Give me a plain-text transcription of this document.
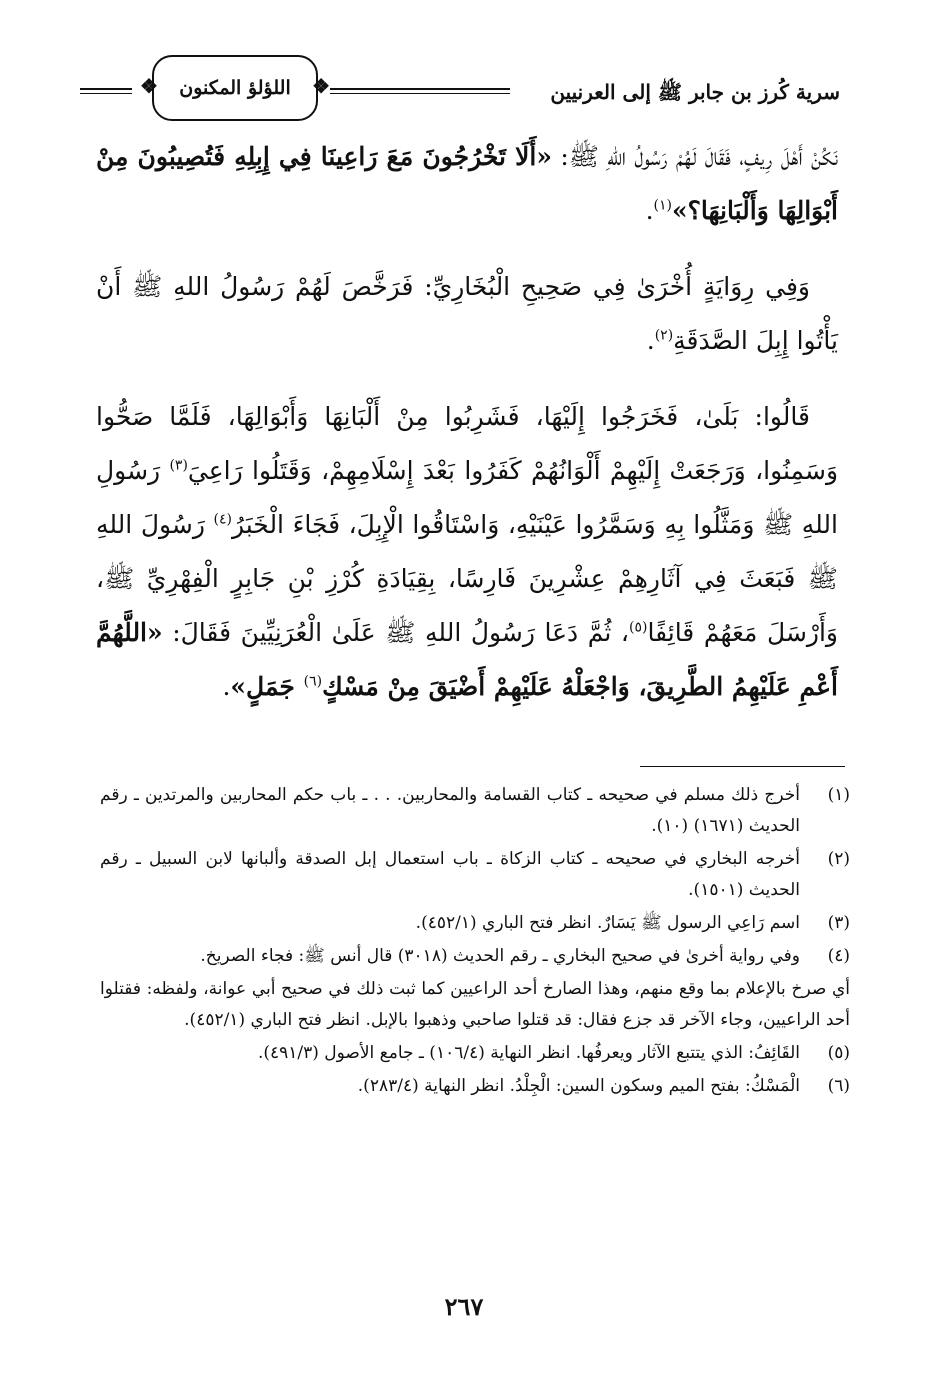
سرية كُرز بن جابر ﷺ إلى العرنيين
❖ اللؤلؤ المكنون
❖

نَكُنْ أَهْلَ رِيفٍ، فَقَالَ لَهُمْ رَسُولُ اللهِ ﷺ: «أَلَا تَخْرُجُونَ مَعَ رَاعِينَا فِي إِبِلِهِ فَتُصِيبُونَ مِنْ أَبْوَالِهَا وَأَلْبَانِهَا؟»$^{(١)}$.

وَفِي رِوَايَةٍ أُخْرَىٰ فِي صَحِيحِ الْبُخَارِيِّ: فَرَخَّصَ لَهُمْ رَسُولُ اللهِ ﷺ أَنْ يَأْتُوا إِبِلَ الصَّدَقَةِ$^{(٢)}$.

قَالُوا: بَلَىٰ، فَخَرَجُوا إِلَيْهَا، فَشَرِبُوا مِنْ أَلْبَانِهَا وَأَبْوَالِهَا، فَلَمَّا صَحُّوا وَسَمِنُوا، وَرَجَعَتْ إِلَيْهِمْ أَلْوَانُهُمْ كَفَرُوا بَعْدَ إِسْلَامِهِمْ، وَقَتَلُوا رَاعِيَ$^{(٣)}$ رَسُولِ اللهِ ﷺ وَمَثَّلُوا بِهِ وَسَمَّرُوا عَيْنَيْهِ، وَاسْتَاقُوا الْإِبِلَ، فَجَاءَ الْخَبَرُ$^{(٤)}$ رَسُولَ اللهِ ﷺ فَبَعَثَ فِي آثَارِهِمْ عِشْرِينَ فَارِسًا، بِقِيَادَةِ كُرْزِ بْنِ جَابِرٍ الْفِهْرِيِّ ﷺ، وَأَرْسَلَ مَعَهُمْ قَائِفًا$^{(٥)}$، ثُمَّ دَعَا رَسُولُ اللهِ ﷺ عَلَىٰ الْعُرَنِيِّينَ فَقَالَ: «اللَّهُمَّ أَعْمِ عَلَيْهِمُ الطَّرِيقَ، وَاجْعَلْهُ عَلَيْهِمْ أَضْيَقَ مِنْ مَسْكٍ$^{(٦)}$ جَمَلٍ».

(١)
أخرج ذلك مسلم في صحيحه ـ كتاب القسامة والمحاربين. . . ـ باب حكم المحاربين والمرتدين ـ رقم الحديث (١٦٧١) (١٠).
(٢)
أخرجه البخاري في صحيحه ـ كتاب الزكاة ـ باب استعمال إبل الصدقة وألبانها لابن السبيل ـ رقم الحديث (١٥٠١).
(٣)
اسم رَاعِي الرسول ﷺ يَسَارٌ. انظر فتح الباري (٤٥٢/١).
(٤)
وفي رواية أخرىٰ في صحيح البخاري ـ رقم الحديث (٣٠١٨) قال أنس ﷺ: فجاء الصريخ.
أي صرخ بالإعلام بما وقع منهم، وهذا الصارخ أحد الراعيين كما ثبت ذلك في صحيح أبي عوانة، ولفظه: فقتلوا أحد الراعيين، وجاء الآخر قد جزع فقال: قد قتلوا صاحبي وذهبوا بالإبل. انظر فتح الباري (٤٥٢/١).
(٥)
القَائِفُ: الذي يتتبع الآثار ويعرفُها. انظر النهاية (١٠٦/٤) ـ جامع الأصول (٤٩١/٣).
(٦)
الْمَسْكُ: بفتح الميم وسكون السين: الْجِلْدُ. انظر النهاية (٢٨٣/٤).
٢٦٧
